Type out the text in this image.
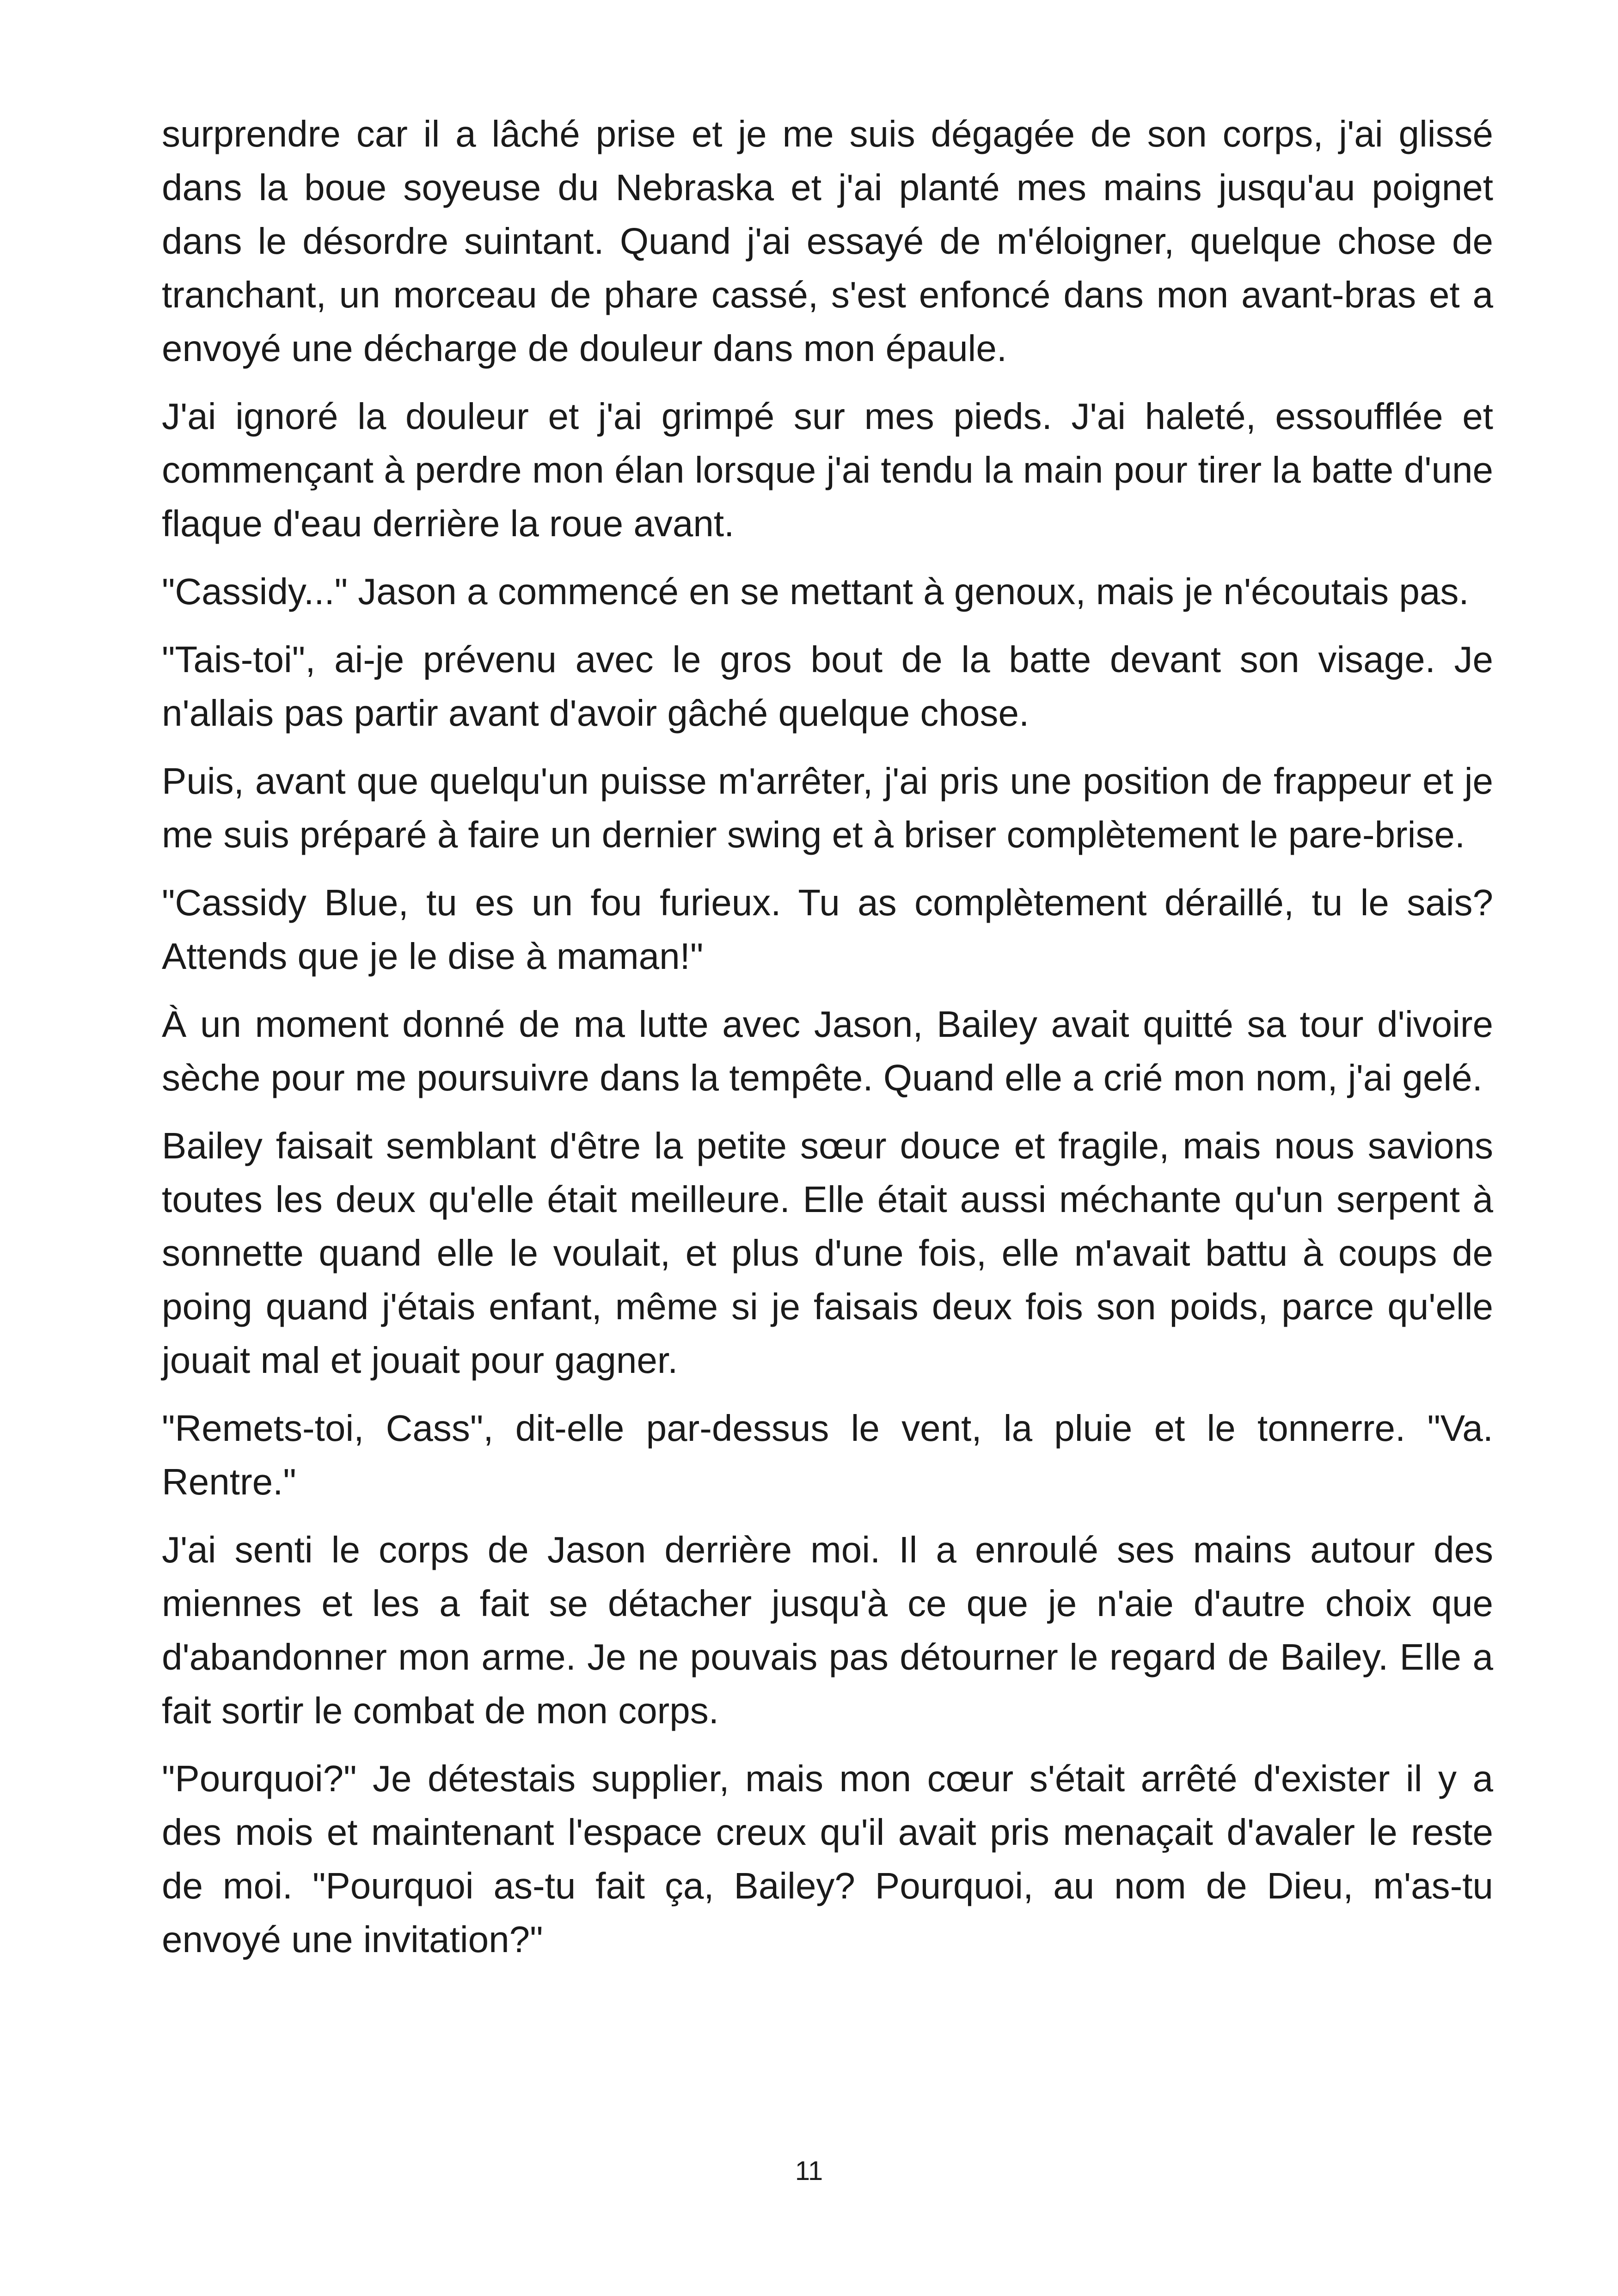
surprendre car il a lâché prise et je me suis dégagée de son corps, j'ai glissé dans la boue soyeuse du Nebraska et j'ai planté mes mains jusqu'au poignet dans le désordre suintant. Quand j'ai essayé de m'éloigner, quelque chose de tranchant, un morceau de phare cassé, s'est enfoncé dans mon avant-bras et a envoyé une décharge de douleur dans mon épaule.

J'ai ignoré la douleur et j'ai grimpé sur mes pieds. J'ai haleté, essoufflée et commençant à perdre mon élan lorsque j'ai tendu la main pour tirer la batte d'une flaque d'eau derrière la roue avant.

"Cassidy..." Jason a commencé en se mettant à genoux, mais je n'écoutais pas.

"Tais-toi", ai-je prévenu avec le gros bout de la batte devant son visage. Je n'allais pas partir avant d'avoir gâché quelque chose.

Puis, avant que quelqu'un puisse m'arrêter, j'ai pris une position de frappeur et je me suis préparé à faire un dernier swing et à briser complètement le pare-brise.

"Cassidy Blue, tu es un fou furieux. Tu as complètement déraillé, tu le sais? Attends que je le dise à maman!"

À un moment donné de ma lutte avec Jason, Bailey avait quitté sa tour d'ivoire sèche pour me poursuivre dans la tempête. Quand elle a crié mon nom, j'ai gelé.

Bailey faisait semblant d'être la petite sœur douce et fragile, mais nous savions toutes les deux qu'elle était meilleure. Elle était aussi méchante qu'un serpent à sonnette quand elle le voulait, et plus d'une fois, elle m'avait battu à coups de poing quand j'étais enfant, même si je faisais deux fois son poids, parce qu'elle jouait mal et jouait pour gagner.

"Remets-toi, Cass", dit-elle par-dessus le vent, la pluie et le tonnerre. "Va. Rentre."

J'ai senti le corps de Jason derrière moi. Il a enroulé ses mains autour des miennes et les a fait se détacher jusqu'à ce que je n'aie d'autre choix que d'abandonner mon arme. Je ne pouvais pas détourner le regard de Bailey. Elle a fait sortir le combat de mon corps.

"Pourquoi?" Je détestais supplier, mais mon cœur s'était arrêté d'exister il y a des mois et maintenant l'espace creux qu'il avait pris menaçait d'avaler le reste de moi. "Pourquoi as-tu fait ça, Bailey? Pourquoi, au nom de Dieu, m'as-tu envoyé une invitation?"

11
